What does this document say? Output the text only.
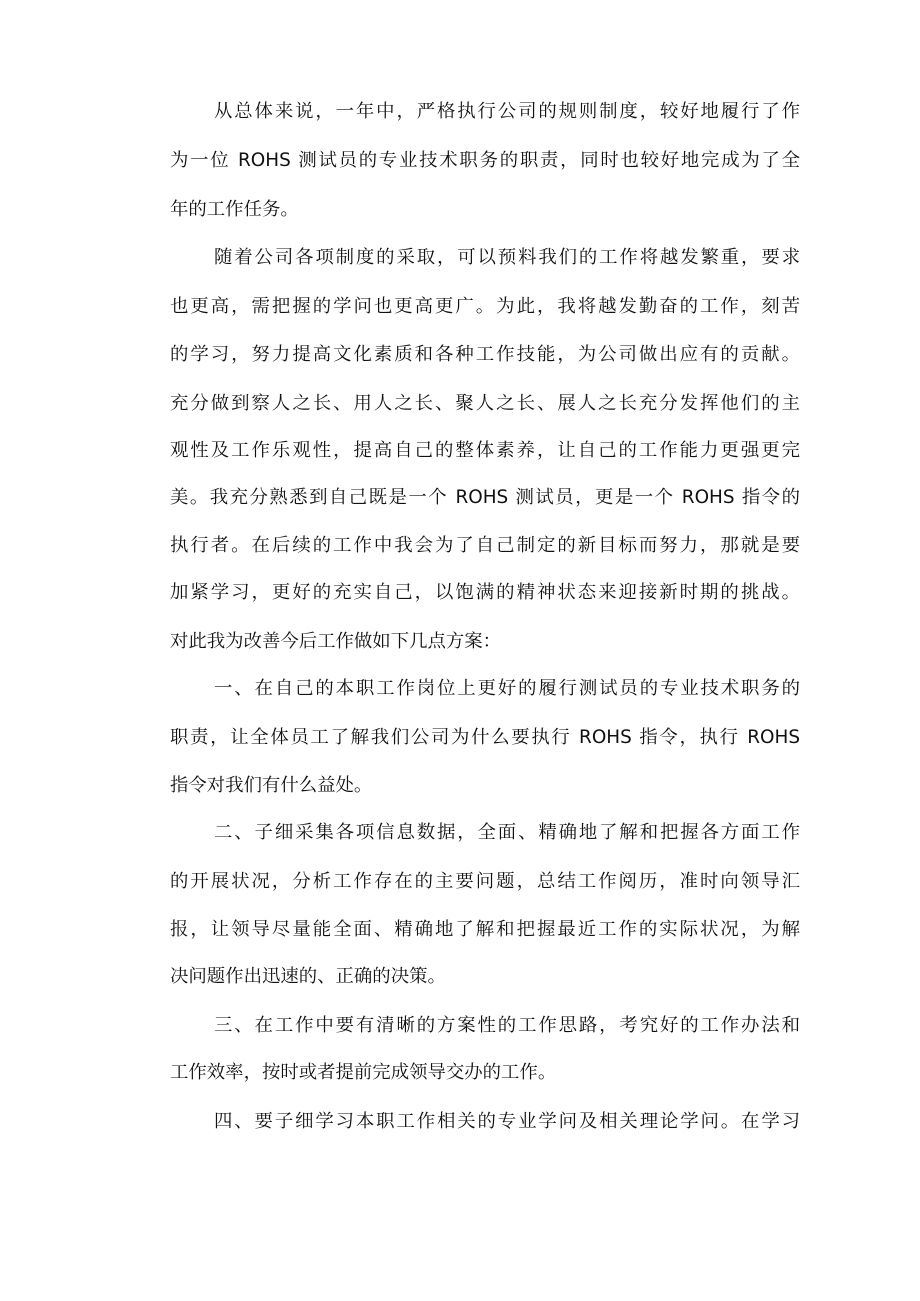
从总体来说，一年中，严格执行公司的规则制度，较好地履行了作
为一位 ROHS 测试员的专业技术职务的职责，同时也较好地完成为了全
年的工作任务。
随着公司各项制度的采取，可以预料我们的工作将越发繁重，要求
也更高，需把握的学问也更高更广。为此，我将越发勤奋的工作，刻苦
的学习，努力提高文化素质和各种工作技能，为公司做出应有的贡献。
充分做到察人之长、用人之长、聚人之长、展人之长充分发挥他们的主
观性及工作乐观性，提高自己的整体素养，让自己的工作能力更强更完
美。我充分熟悉到自己既是一个 ROHS 测试员，更是一个 ROHS 指令的
执行者。在后续的工作中我会为了自己制定的新目标而努力，那就是要
加紧学习，更好的充实自己，以饱满的精神状态来迎接新时期的挑战。
对此我为改善今后工作做如下几点方案：
一、在自己的本职工作岗位上更好的履行测试员的专业技术职务的
职责，让全体员工了解我们公司为什么要执行 ROHS 指令，执行 ROHS
指令对我们有什么益处。
二、子细采集各项信息数据，全面、精确地了解和把握各方面工作
的开展状况，分析工作存在的主要问题，总结工作阅历，准时向领导汇
报，让领导尽量能全面、精确地了解和把握最近工作的实际状况，为解
决问题作出迅速的、正确的决策。
三、在工作中要有清晰的方案性的工作思路，考究好的工作办法和
工作效率，按时或者提前完成领导交办的工作。
四、要子细学习本职工作相关的专业学问及相关理论学问。在学习
